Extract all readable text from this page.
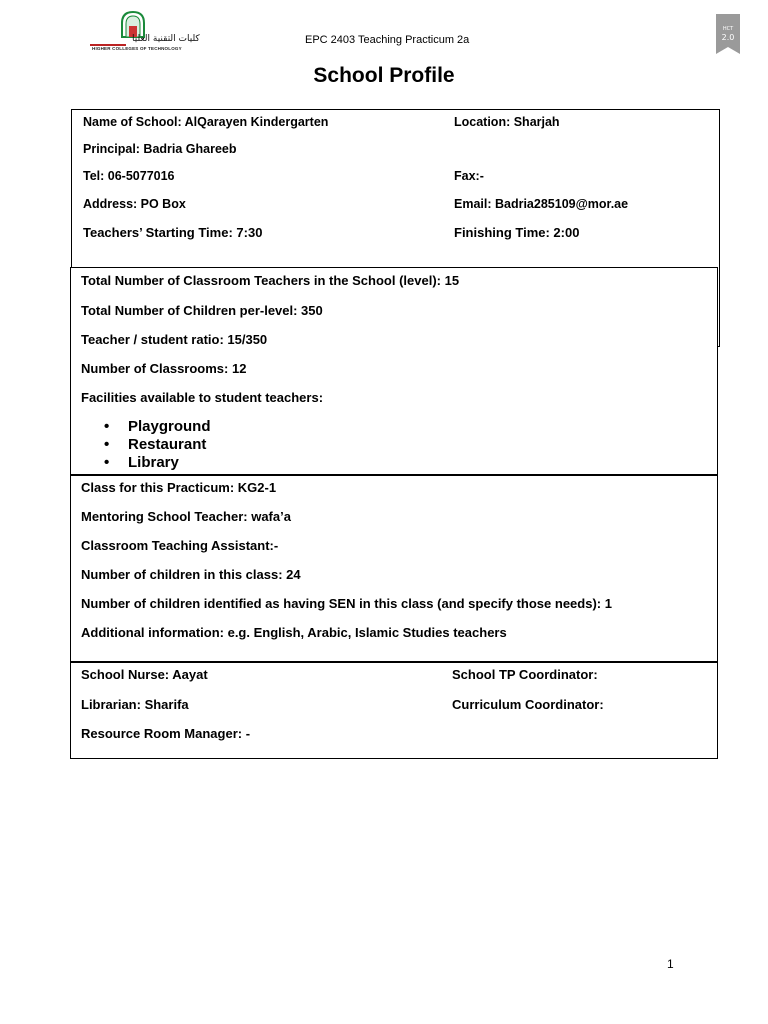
كليات التقنية العليا
HIGHER COLLEGES OF TECHNOLOGY
EPC 2403 Teaching Practicum 2a
HCT
2.0
School Profile
Name of School: AlQarayen Kindergarten	Location: Sharjah
Principal: Badria Ghareeb
Tel: 06-5077016	Fax:-
Address: PO Box	Email: Badria285109@mor.ae
Teachers’ Starting Time: 7:30	Finishing Time: 2:00
Total Number of Classroom Teachers in the School (level): 15
Total Number of Children per-level: 350
Teacher / student ratio: 15/350
Number of Classrooms: 12
Facilities available to student teachers:
• Playground
• Restaurant
• Library
Class for this Practicum: KG2-1
Mentoring School Teacher: wafa’a
Classroom Teaching Assistant:-
Number of children in this class: 24
Number of children identified as having SEN in this class (and specify those needs): 1
Additional information: e.g. English, Arabic, Islamic Studies teachers
School Nurse: Aayat	School TP Coordinator:
Librarian: Sharifa	Curriculum Coordinator:
Resource Room Manager: -
1
